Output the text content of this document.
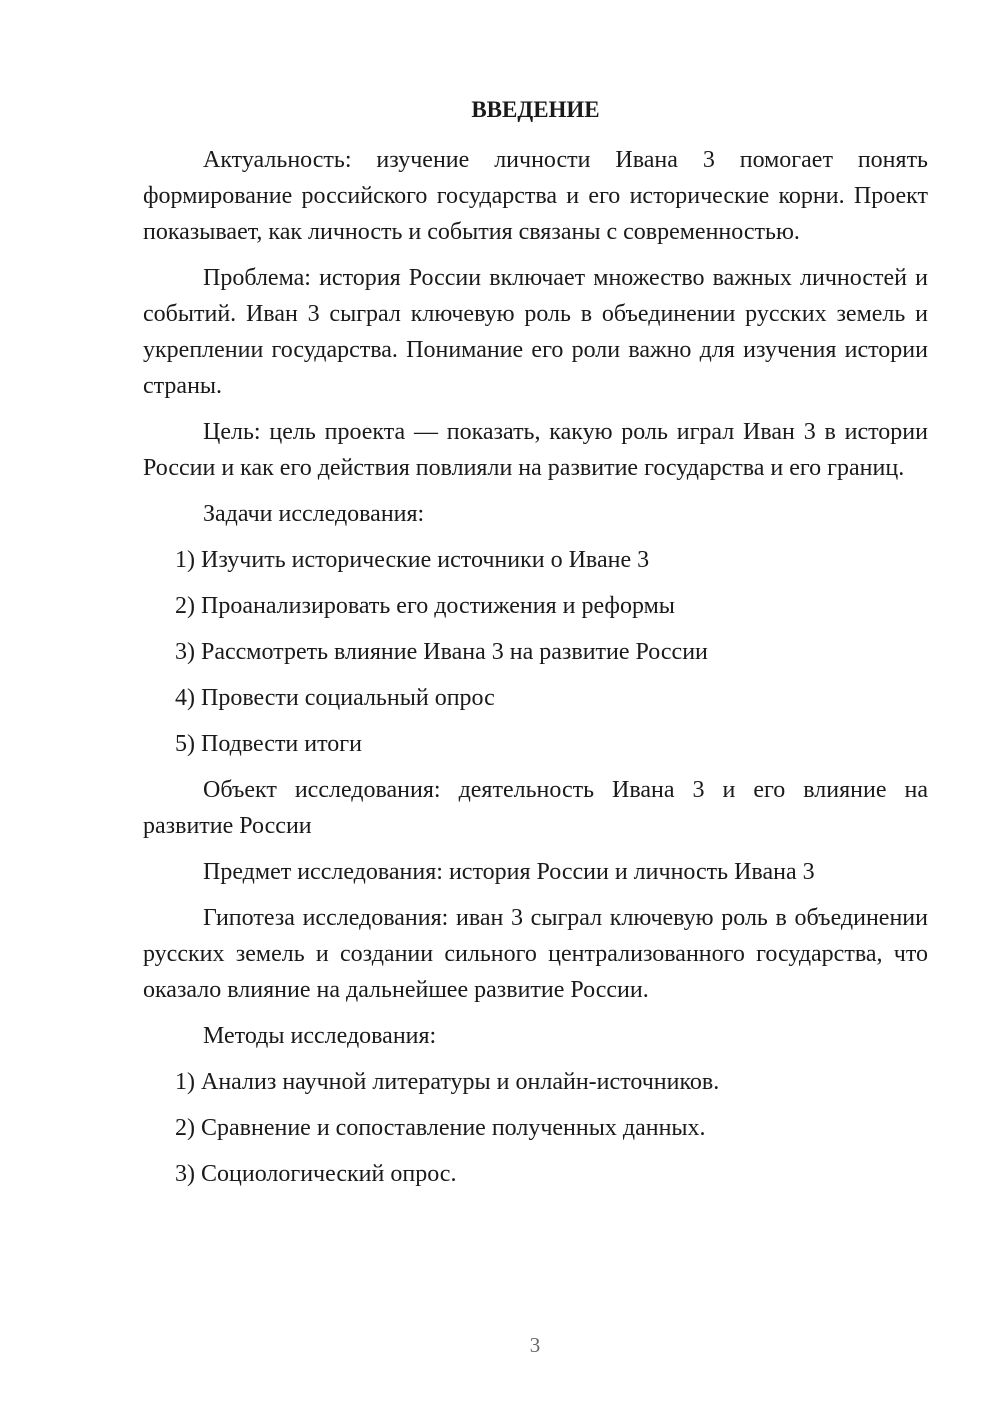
ВВЕДЕНИЕ

Актуальность: изучение личности Ивана 3 помогает понять формирование российского государства и его исторические корни. Проект показывает, как личность и события связаны с современностью.

Проблема: история России включает множество важных личностей и событий. Иван 3 сыграл ключевую роль в объединении русских земель и укреплении государства. Понимание его роли важно для изучения истории страны.

Цель: цель проекта — показать, какую роль играл Иван 3 в истории России и как его действия повлияли на развитие государства и его границ.

Задачи исследования:

1) Изучить исторические источники о Иване 3

2) Проанализировать его достижения и реформы

3) Рассмотреть влияние Ивана 3 на развитие России

4) Провести социальный опрос

5) Подвести итоги

Объект исследования: деятельность Ивана 3 и его влияние на развитие России

Предмет исследования: история России и личность Ивана 3

Гипотеза исследования: иван 3 сыграл ключевую роль в объединении русских земель и создании сильного централизованного государства, что оказало влияние на дальнейшее развитие России.

Методы исследования:

1) Анализ научной литературы и онлайн-источников.

2) Сравнение и сопоставление полученных данных.

3) Социологический опрос.

3
